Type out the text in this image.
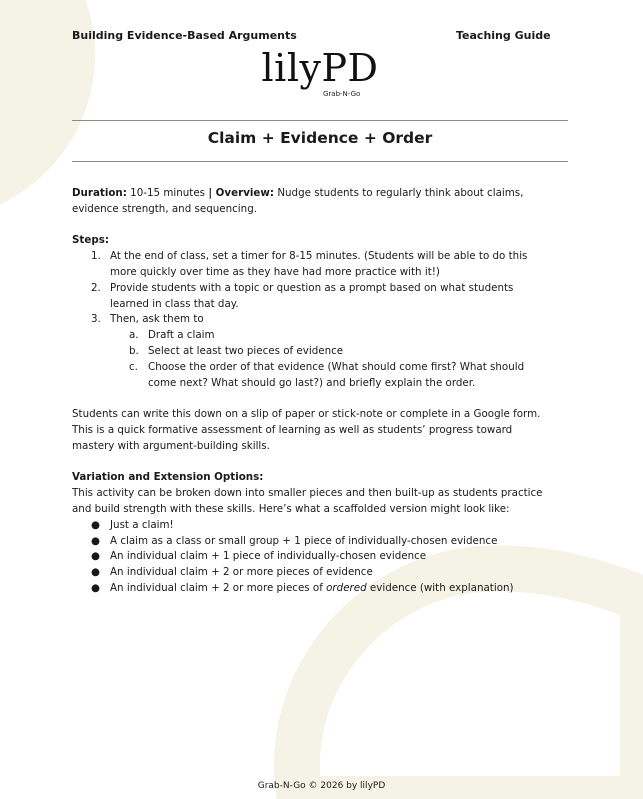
Building Evidence-Based Arguments	Teaching Guide
lilyPD
Grab-N-Go
Claim + Evidence + Order

Duration: 10-15 minutes | Overview: Nudge students to regularly think about claims, evidence strength, and sequencing.

Steps:

1. At the end of class, set a timer for 8-15 minutes. (Students will be able to do this more quickly over time as they have had more practice with it!)
2. Provide students with a topic or question as a prompt based on what students learned in class that day.
3. Then, ask them to
a. Draft a claim
b. Select at least two pieces of evidence
c. Choose the order of that evidence (What should come first? What should come next? What should go last?) and briefly explain the order.

Students can write this down on a slip of paper or stick-note or complete in a Google form. This is a quick formative assessment of learning as well as students’ progress toward mastery with argument-building skills.

Variation and Extension Options:

This activity can be broken down into smaller pieces and then built-up as students practice and build strength with these skills. Here’s what a scaffolded version might look like:

● Just a claim!
● A claim as a class or small group + 1 piece of individually-chosen evidence
● An individual claim + 1 piece of individually-chosen evidence
● An individual claim + 2 or more pieces of evidence
● An individual claim + 2 or more pieces of ordered evidence (with explanation)
Grab-N-Go © 2026 by lilyPD
